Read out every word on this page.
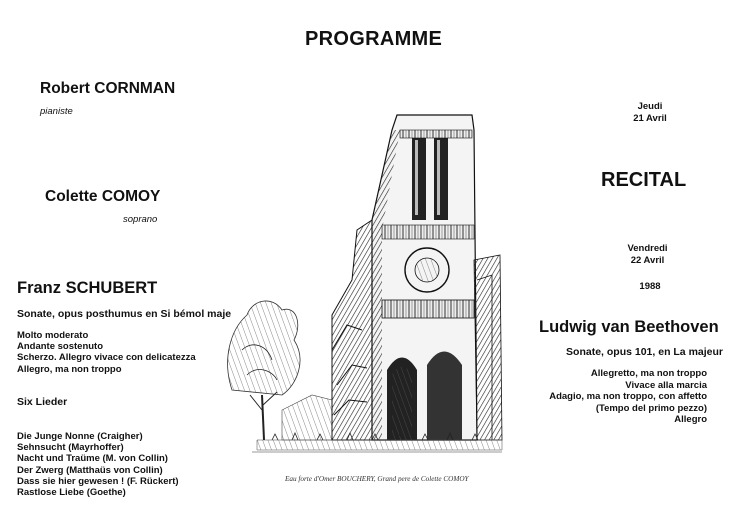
PROGRAMME
Robert CORNMAN
pianiste
Colette COMOY
soprano
Jeudi
21 Avril
RECITAL
Vendredi
22 Avril
1988
Franz SCHUBERT
Sonate, opus posthumus en Si bémol maje
Molto moderato
Andante sostenuto
Scherzo. Allegro vivace con delicatezza
Allegro, ma non troppo
Six Lieder
Die Junge Nonne (Craigher)
Sehnsucht (Mayrhoffer)
Nacht und Traüme (M. von Collin)
Der Zwerg (Matthaüs von Collin)
Dass sie hier gewesen ! (F. Rückert)
Rastlose Liebe (Goethe)
Ludwig van Beethoven
Sonate, opus 101, en La majeur
Allegretto, ma non troppo
Vivace alla marcia
Adagio, ma non troppo, con affetto
(Tempo del primo pezzo)
Allegro
Eau forte d'Omer BOUCHERY, Grand pere de Colette COMOY
